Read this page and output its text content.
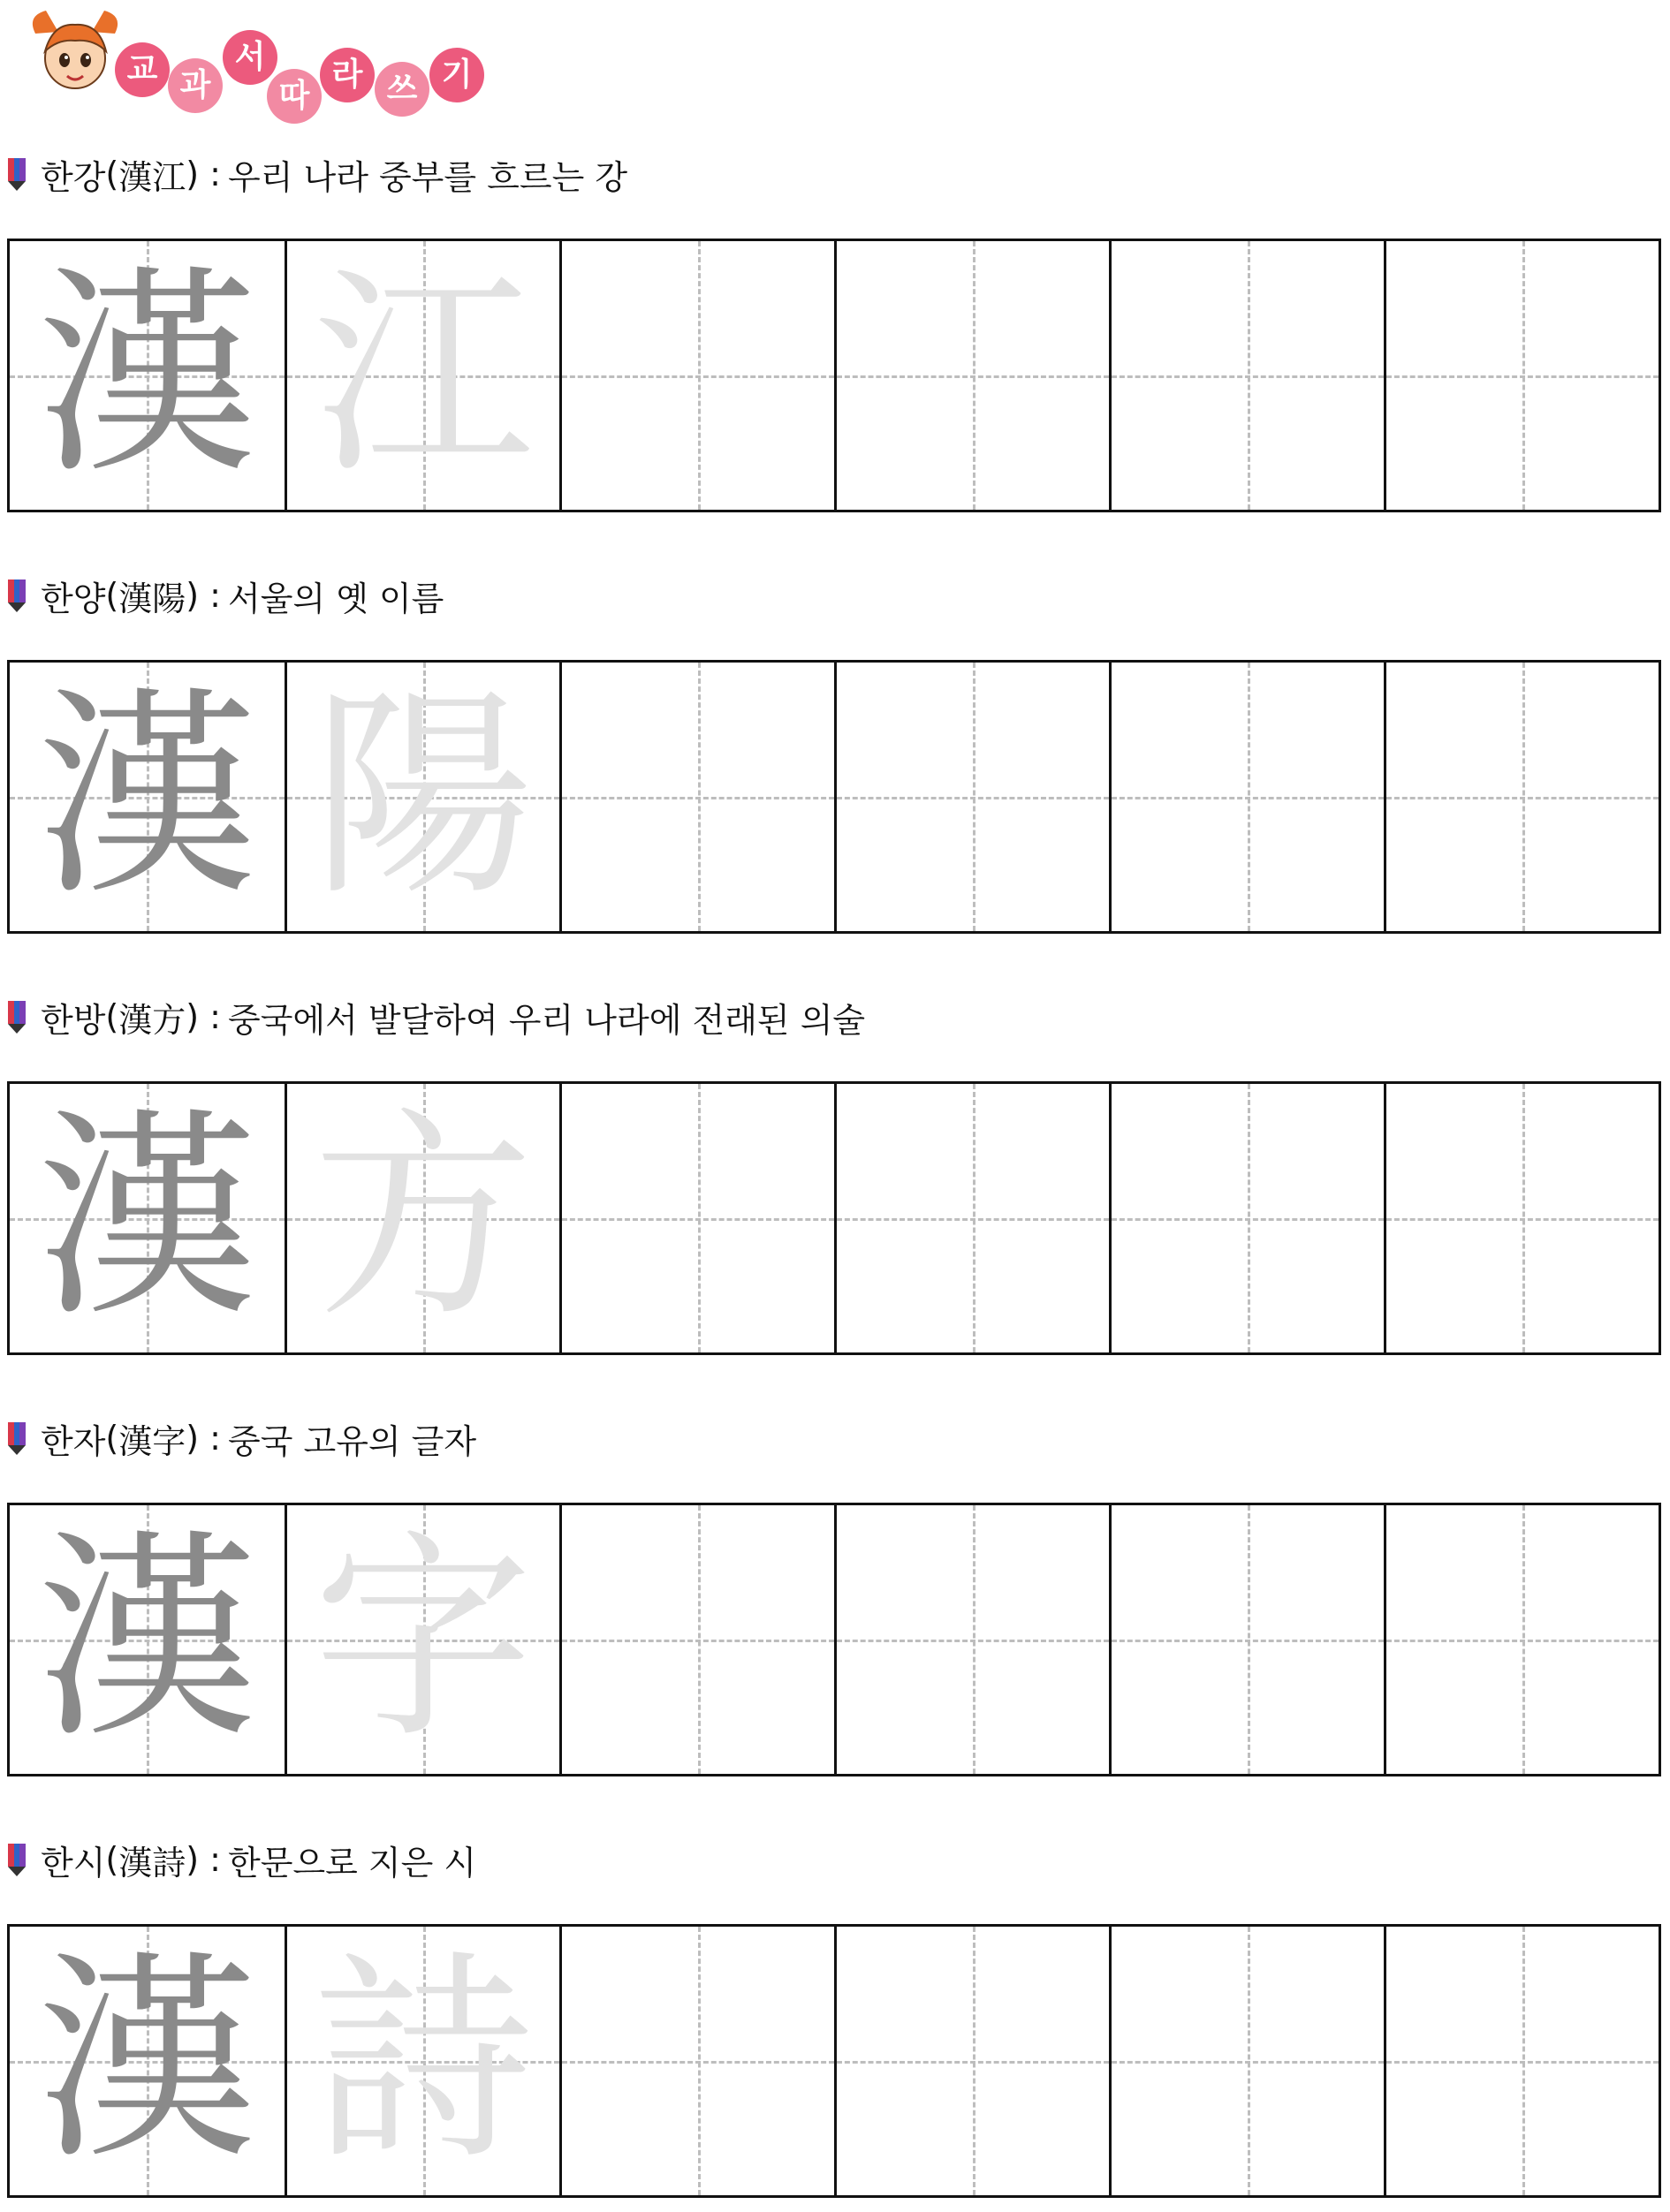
교 과
서
따
라 쓰 기
한강 ( 漢江 ) : 우리 나라 중부를 흐르는 강
漢 江
한양 ( 漢陽 ) : 서울의 옛 이름
漢 陽
한방 ( 漢方 ) : 중국에서 발달하여 우리 나라에 전래된 의술
漢 方
한자 ( 漢字 ) : 중국 고유의 글자
漢 字
한시 ( 漢詩 ) : 한문으로 지은 시
漢 詩
